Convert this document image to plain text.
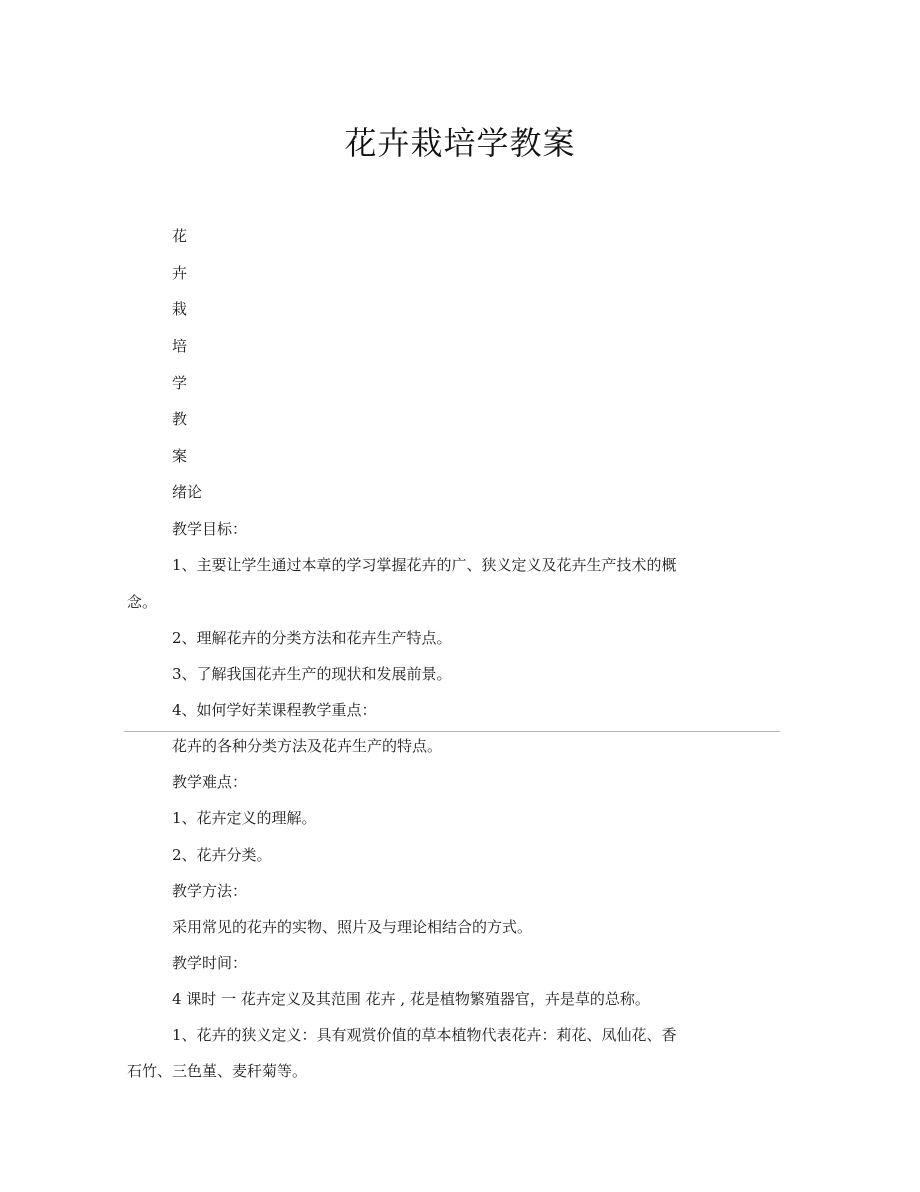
花卉栽培学教案
花
卉
栽
培
学
教
案
绪论
教学目标：
1、主要让学生通过本章的学习掌握花卉的广、狭义定义及花卉生产技术的概
念。
2、理解花卉的分类方法和花卉生产特点。
3、了解我国花卉生产的现状和发展前景。
4、如何学好苿课程教学重点：
花卉的各种分类方法及花卉生产的特点。
教学难点：
1、花卉定义的理解。
2、花卉分类。
教学方法：
采用常见的花卉的实物、照片及与理论相结合的方式。
教学时间：
4 课时 一 花卉定义及其范围 花卉 , 花是植物繁殖器官，卉是草的总称。
1、花卉的狭义定义：具有观赏价值的草本植物代表花卉：莉花、凤仙花、香
石竹、三色堇、麦秆菊等。
